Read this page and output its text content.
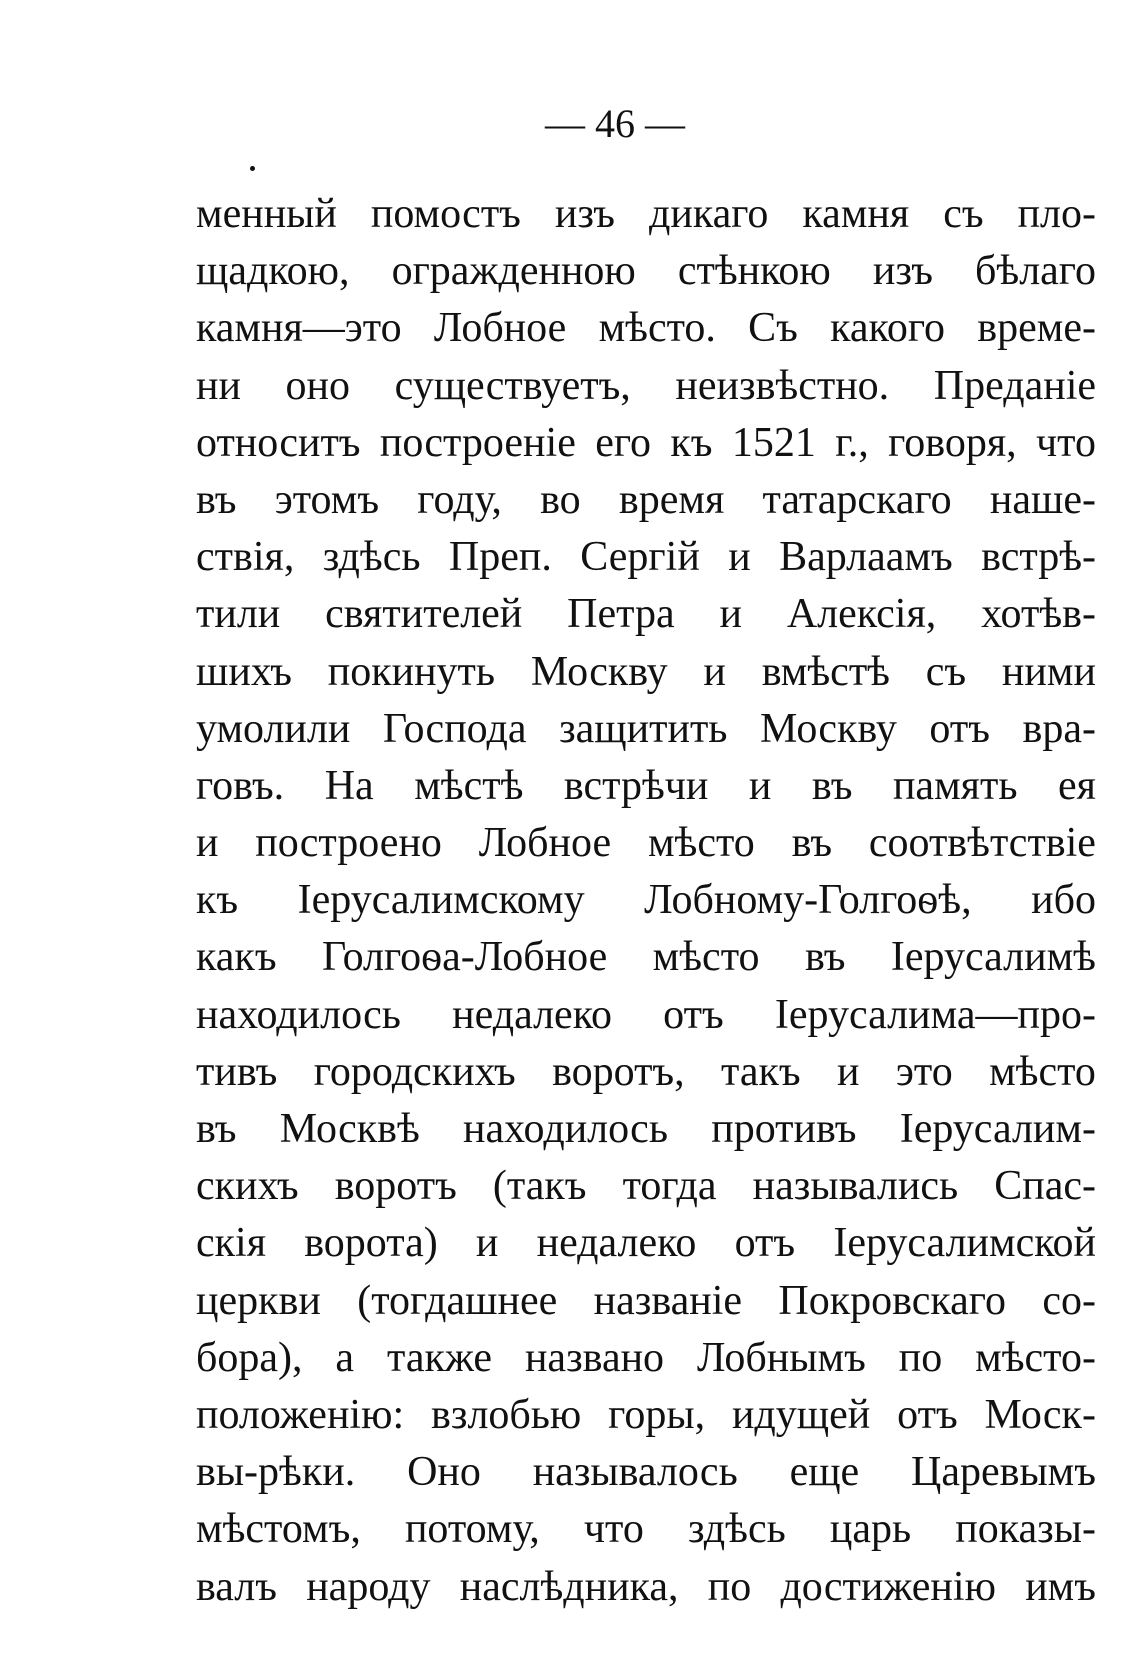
— 46 —
менный помостъ изъ дикаго камня съ пло-
щадкою, огражденною стѣнкою изъ бѣлаго
камня—это Лобное мѣсто. Съ какого време-
ни оно существуетъ, неизвѣстно. Преданіе
относитъ построеніе его къ 1521 г., говоря, что
въ этомъ году, во время татарскаго наше-
ствія, здѣсь Преп. Сергій и Варлаамъ встрѣ-
тили святителей Петра и Алексія, хотѣв-
шихъ покинуть Москву и вмѣстѣ съ ними
умолили Господа защитить Москву отъ вра-
говъ. На мѣстѣ встрѣчи и въ память ея
и построено Лобное мѣсто въ соотвѣтствіе
къ Іерусалимскому Лобному-Голгоѳѣ, ибо
какъ Голгоѳа-Лобное мѣсто въ Іерусалимѣ
находилось недалеко отъ Іерусалима—про-
тивъ городскихъ воротъ, такъ и это мѣсто
въ Москвѣ находилось противъ Іерусалим-
скихъ воротъ (такъ тогда назывались Спас-
скія ворота) и недалеко отъ Іерусалимской
церкви (тогдашнее названіе Покровскаго со-
бора), а также названо Лобнымъ по мѣсто-
положенію: взлобью горы, идущей отъ Моск-
вы-рѣки. Оно называлось еще Царевымъ
мѣстомъ, потому, что здѣсь царь показы-
валъ народу наслѣдника, по достиженію имъ
